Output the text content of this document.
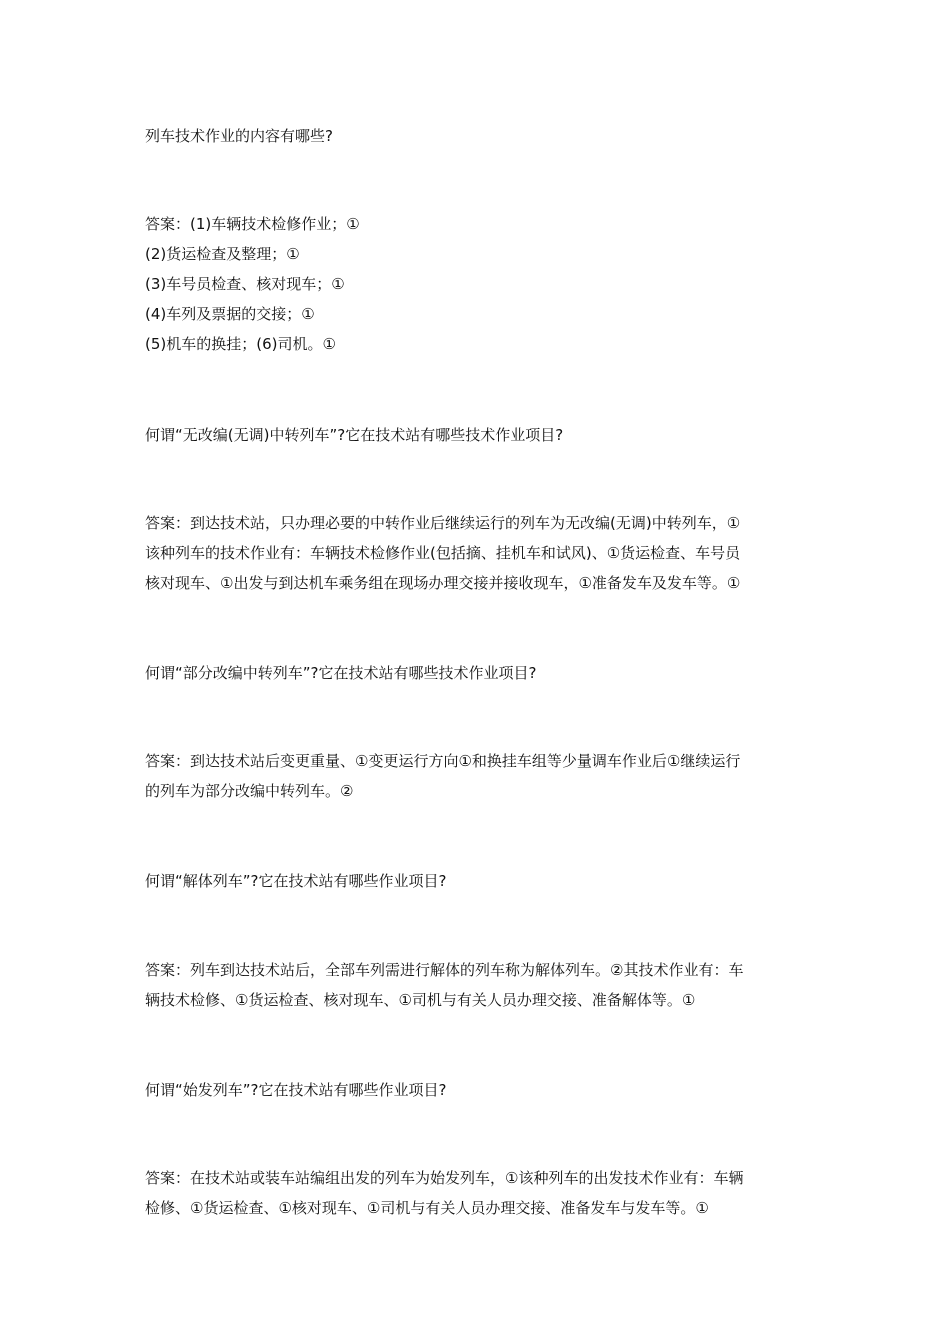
列车技术作业的内容有哪些?

答案：(1)车辆技术检修作业；①
(2)货运检查及整理；①
(3)车号员检查、核对现车；①
(4)车列及票据的交接；①
(5)机车的换挂；(6)司机。①

何谓“无改编(无调)中转列车”?它在技术站有哪些技术作业项目?

答案：到达技术站，只办理必要的中转作业后继续运行的列车为无改编(无调)中转列车，①
该种列车的技术作业有：车辆技术检修作业(包括摘、挂机车和试风)、①货运检查、车号员
核对现车、①出发与到达机车乘务组在现场办理交接并接收现车，①准备发车及发车等。①

何谓“部分改编中转列车”?它在技术站有哪些技术作业项目?

答案：到达技术站后变更重量、①变更运行方向①和换挂车组等少量调车作业后①继续运行
的列车为部分改编中转列车。②

何谓“解体列车”?它在技术站有哪些作业项目?

答案：列车到达技术站后，全部车列需进行解体的列车称为解体列车。②其技术作业有：车
辆技术检修、①货运检查、核对现车、①司机与有关人员办理交接、准备解体等。①

何谓“始发列车”?它在技术站有哪些作业项目?

答案：在技术站或装车站编组出发的列车为始发列车，①该种列车的出发技术作业有：车辆
检修、①货运检查、①核对现车、①司机与有关人员办理交接、准备发车与发车等。①
